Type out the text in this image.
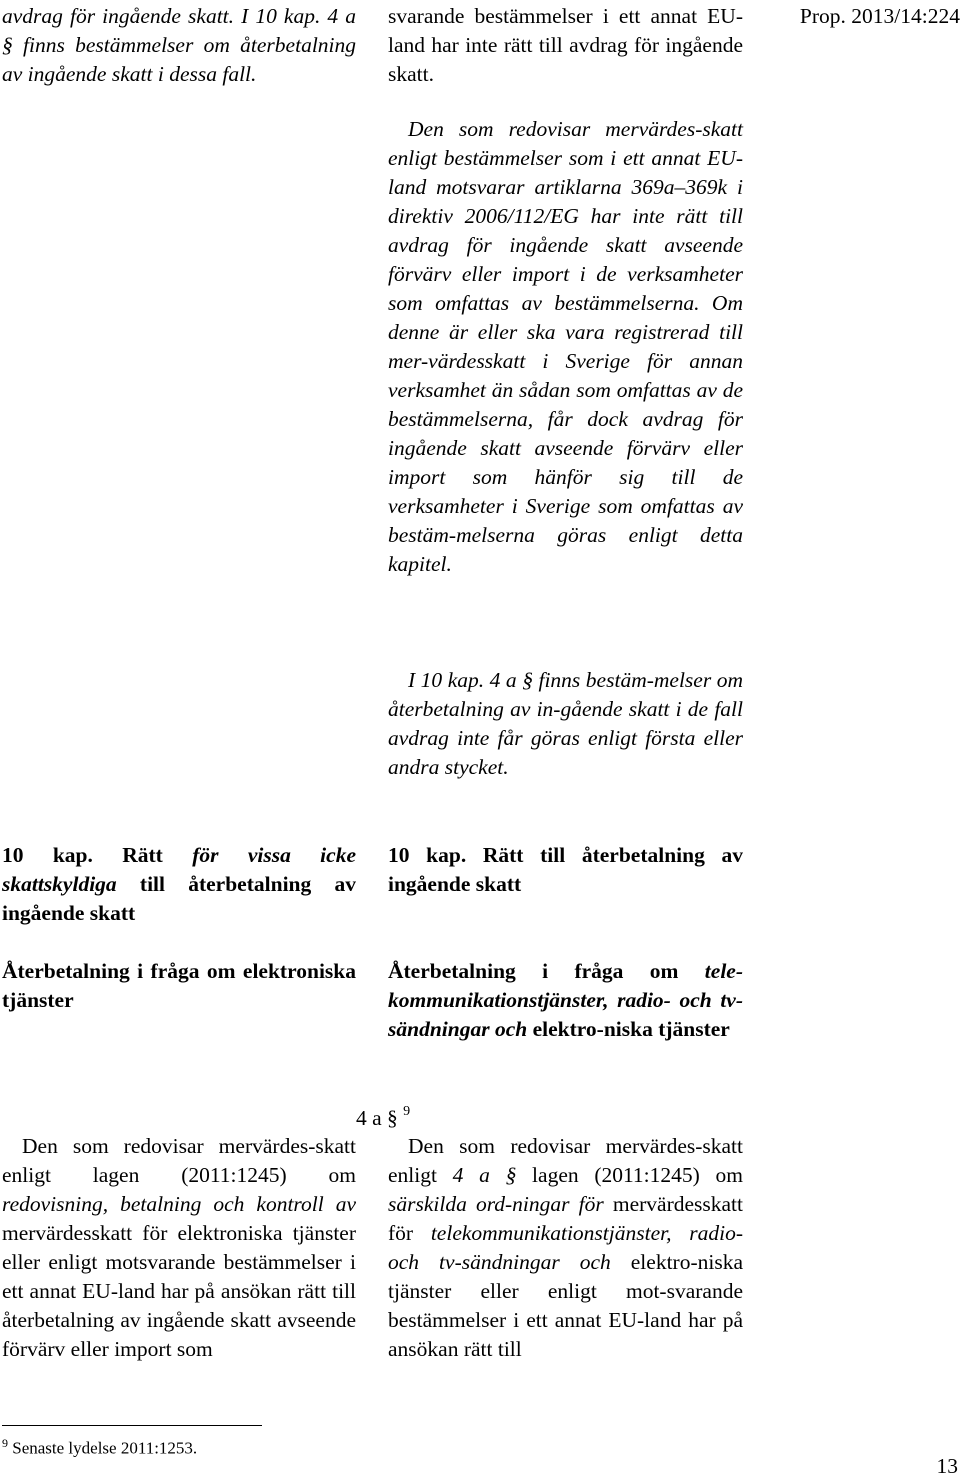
Prop. 2013/14:224
avdrag för ingående skatt. I 10 kap. 4 a § finns bestämmelser om återbetalning av ingående skatt i dessa fall.
10 kap. Rätt för vissa icke skattskyldiga till återbetalning av ingående skatt
Återbetalning i fråga om elektroniska tjänster
Den som redovisar mervärdes-skatt enligt lagen (2011:1245) om redovisning, betalning och kontroll av mervärdesskatt för elektroniska tjänster eller enligt motsvarande bestämmelser i ett annat EU-land har på ansökan rätt till återbetalning av ingående skatt avseende förvärv eller import som
svarande bestämmelser i ett annat EU-land har inte rätt till avdrag för ingående skatt.
Den som redovisar mervärdes-skatt enligt bestämmelser som i ett annat EU-land motsvarar artiklarna 369a–369k i direktiv 2006/112/EG har inte rätt till avdrag för ingående skatt avseende förvärv eller import i de verksamheter som omfattas av bestämmelserna. Om denne är eller ska vara registrerad till mer-värdesskatt i Sverige för annan verksamhet än sådan som omfattas av de bestämmelserna, får dock avdrag för ingående skatt avseende förvärv eller import som hänför sig till de verksamheter i Sverige som omfattas av bestäm-melserna göras enligt detta kapitel.
I 10 kap. 4 a § finns bestäm-melser om återbetalning av in-gående skatt i de fall avdrag inte får göras enligt första eller andra stycket.
10 kap. Rätt till återbetalning av ingående skatt
Återbetalning i fråga om tele-kommunikationstjänster, radio- och tv-sändningar och elektro-niska tjänster
Den som redovisar mervärdes-skatt enligt 4 a § lagen (2011:1245) om särskilda ord-ningar för mervärdesskatt för telekommunikationstjänster, radio- och tv-sändningar och elektro-niska tjänster eller enligt mot-svarande bestämmelser i ett annat EU-land har på ansökan rätt till
4 a § $^9$
$^9$ Senaste lydelse 2011:1253.
13
